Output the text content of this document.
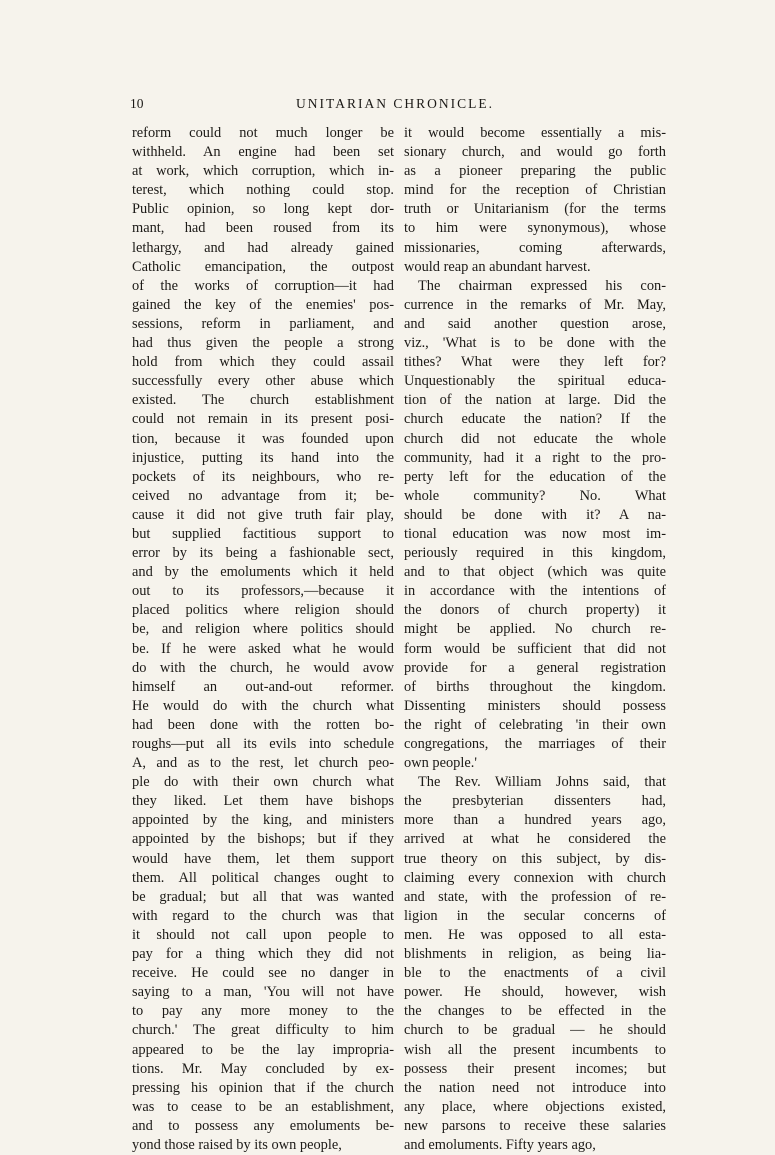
10	UNITARIAN CHRONICLE.
reform could not much longer be
withheld. An engine had been set
at work, which corruption, which in-
terest, which nothing could stop.
Public opinion, so long kept dor-
mant, had been roused from its
lethargy, and had already gained
Catholic emancipation, the outpost
of the works of corruption—it had
gained the key of the enemies' pos-
sessions, reform in parliament, and
had thus given the people a strong
hold from which they could assail
successfully every other abuse which
existed. The church establishment
could not remain in its present posi-
tion, because it was founded upon
injustice, putting its hand into the
pockets of its neighbours, who re-
ceived no advantage from it; be-
cause it did not give truth fair play,
but supplied factitious support to
error by its being a fashionable sect,
and by the emoluments which it held
out to its professors,—because it
placed politics where religion should
be, and religion where politics should
be. If he were asked what he would
do with the church, he would avow
himself an out-and-out reformer.
He would do with the church what
had been done with the rotten bo-
roughs—put all its evils into schedule
A, and as to the rest, let church peo-
ple do with their own church what
they liked. Let them have bishops
appointed by the king, and ministers
appointed by the bishops; but if they
would have them, let them support
them. All political changes ought to
be gradual; but all that was wanted
with regard to the church was that
it should not call upon people to
pay for a thing which they did not
receive. He could see no danger in
saying to a man, 'You will not have
to pay any more money to the
church.' The great difficulty to him
appeared to be the lay impropria-
tions. Mr. May concluded by ex-
pressing his opinion that if the church
was to cease to be an establishment,
and to possess any emoluments be-
yond those raised by its own people,
it would become essentially a mis-
sionary church, and would go forth
as a pioneer preparing the public
mind for the reception of Christian
truth or Unitarianism (for the terms
to him were synonymous), whose
missionaries, coming afterwards,
would reap an abundant harvest.
The chairman expressed his con-
currence in the remarks of Mr. May,
and said another question arose,
viz., 'What is to be done with the
tithes? What were they left for?
Unquestionably the spiritual educa-
tion of the nation at large. Did the
church educate the nation? If the
church did not educate the whole
community, had it a right to the pro-
perty left for the education of the
whole community? No. What
should be done with it? A na-
tional education was now most im-
periously required in this kingdom,
and to that object (which was quite
in accordance with the intentions of
the donors of church property) it
might be applied. No church re-
form would be sufficient that did not
provide for a general registration
of births throughout the kingdom.
Dissenting ministers should possess
the right of celebrating 'in their own
congregations, the marriages of their
own people.'
The Rev. William Johns said, that
the presbyterian dissenters had,
more than a hundred years ago,
arrived at what he considered the
true theory on this subject, by dis-
claiming every connexion with church
and state, with the profession of re-
ligion in the secular concerns of
men. He was opposed to all esta-
blishments in religion, as being lia-
ble to the enactments of a civil
power. He should, however, wish
the changes to be effected in the
church to be gradual — he should
wish all the present incumbents to
possess their present incomes; but
the nation need not introduce into
any place, where objections existed,
new parsons to receive these salaries
and emoluments. Fifty years ago,
